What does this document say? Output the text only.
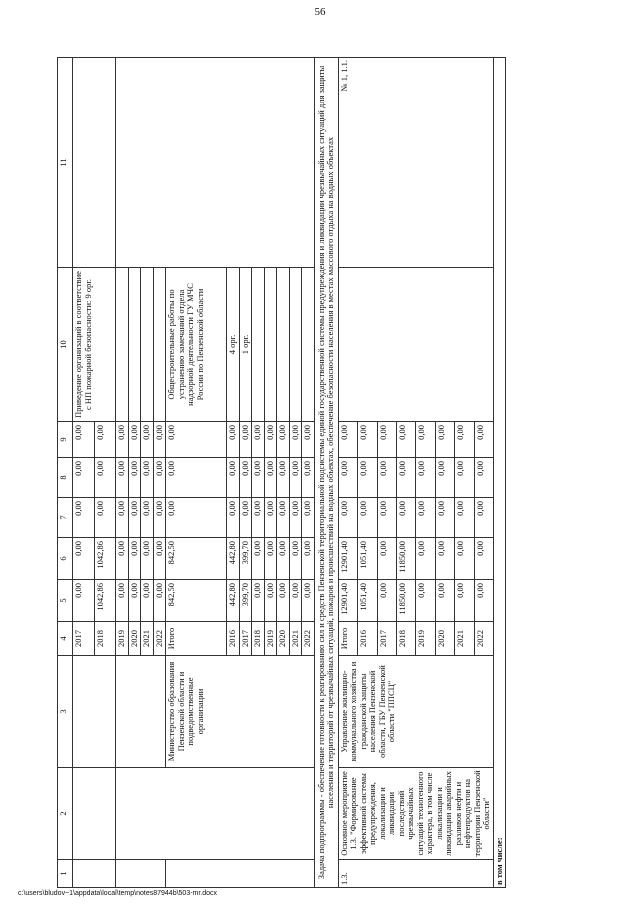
56
1	2	3	4	5	6	7	8	9	10	11
			2017	0,00	0,00	0,00	0,00	0,00	Приведение организаций в соответствие с НП пожарной безопасности: 9 орг.	
			2018	1042,86	1042,86	0,00	0,00	0,00		
			2019	0,00	0,00	0,00	0,00	0,00		
			2020	0,00	0,00	0,00	0,00	0,00		
			2021	0,00	0,00	0,00	0,00	0,00		
			2022	0,00	0,00	0,00	0,00	0,00		
		Министерство образования Пензенской области и подведомственные организации	Итого	842,50	842,50	0,00	0,00	0,00	Общестроительные работы по устранению замечаний отдела надзорной деятельности ГУ МЧС России по Пензенской области	
			2016	442,80	442,80	0,00	0,00	0,00	4 орг.	
			2017	399,70	399,70	0,00	0,00	0,00	1 орг.	
			2018	0,00	0,00	0,00	0,00	0,00		
			2019	0,00	0,00	0,00	0,00	0,00		
			2020	0,00	0,00	0,00	0,00	0,00		
			2021	0,00	0,00	0,00	0,00	0,00		
			2022	0,00	0,00	0,00	0,00	0,00		
Задача подпрограммы - обеспечение готовности к реагированию сил и средств Пензенской территориальной подсистемы единой государственной системы предупреждения и ликвидации чрезвычайных ситуаций для защиты населения и территорий от чрезвычайных ситуаций, пожаров и происшествий на водных объектах, обеспечение безопасности населения в местах массового отдыха на водных объектах										
1.3.	Основное мероприятие 1.3. "Формирование эффективной системы предупреждения, локализации и ликвидации последствий чрезвычайных ситуаций техногенного характера, в том числе локализации и ликвидации аварийных разливов нефти и нефтепродуктов на территории Пензенской области"	Управление жилищно-коммунального хозяйства и гражданской защиты населения Пензенской области, ГБУ Пензенской области "ППСЦ"	Итого	12901,40	12901,40	0,00	0,00	0,00		№ 1, 1.1.
			2016	1051,40	1051,40	0,00	0,00	0,00		
			2017	0,00	0,00	0,00	0,00	0,00		
			2018	11850,00	11850,00	0,00	0,00	0,00		
			2019	0,00	0,00	0,00	0,00	0,00		
			2020	0,00	0,00	0,00	0,00	0,00		
			2021	0,00	0,00	0,00	0,00	0,00		
			2022	0,00	0,00	0,00	0,00	0,00		
в том числе:										
c:\users\bludov~1\appdata\local\temp\notes87944b\503-mr.docx
